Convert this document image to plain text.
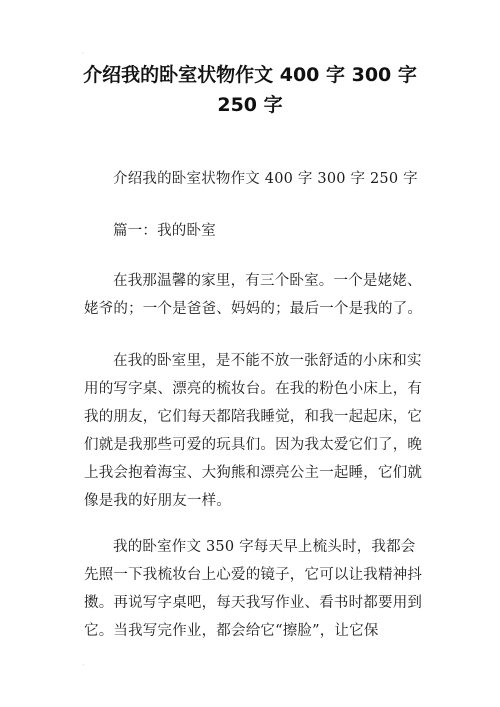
·
·
介绍我的卧室状物作文 400 字 300 字
250 字

介绍我的卧室状物作文 400 字 300 字 250 字

篇一：我的卧室

在我那温馨的家里，有三个卧室。一个是姥姥、姥爷的；一个是爸爸、妈妈的；最后一个是我的了。

在我的卧室里，是不能不放一张舒适的小床和实用的写字桌、漂亮的梳妆台。在我的粉色小床上，有我的朋友，它们每天都陪我睡觉，和我一起起床，它们就是我那些可爱的玩具们。因为我太爱它们了，晚上我会抱着海宝、大狗熊和漂亮公主一起睡，它们就像是我的好朋友一样。

我的卧室作文 350 字每天早上梳头时，我都会先照一下我梳妆台上心爱的镜子，它可以让我精神抖擞。再说写字桌吧，每天我写作业、看书时都要用到它。当我写完作业，都会给它“擦脸”，让它保
